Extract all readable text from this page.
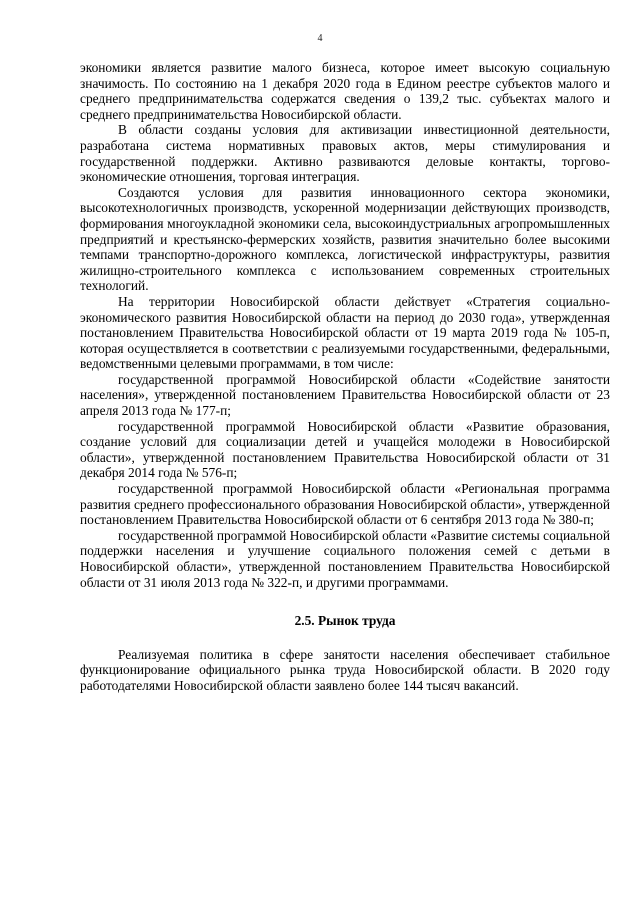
4

экономики является развитие малого бизнеса, которое имеет высокую социальную значимость. По состоянию на 1 декабря 2020 года в Едином реестре субъектов малого и среднего предпринимательства содержатся сведения о 139,2 тыс. субъектах малого и среднего предпринимательства Новосибирской области.

В области созданы условия для активизации инвестиционной деятельности, разработана система нормативных правовых актов, меры стимулирования и государственной поддержки. Активно развиваются деловые контакты, торгово-экономические отношения, торговая интеграция.

Создаются условия для развития инновационного сектора экономики, высокотехнологичных производств, ускоренной модернизации действующих производств, формирования многоукладной экономики села, высокоиндустриальных агропромышленных предприятий и крестьянско-фермерских хозяйств, развития значительно более высокими темпами транспортно-дорожного комплекса, логистической инфраструктуры, развития жилищно-строительного комплекса с использованием современных строительных технологий.

На территории Новосибирской области действует «Стратегия социально-экономического развития Новосибирской области на период до 2030 года», утвержденная постановлением Правительства Новосибирской области от 19 марта 2019 года № 105-п, которая осуществляется в соответствии с реализуемыми государственными, федеральными, ведомственными целевыми программами, в том числе:

государственной программой Новосибирской области «Содействие занятости населения», утвержденной постановлением Правительства Новосибирской области от 23 апреля 2013 года № 177-п;

государственной программой Новосибирской области «Развитие образования, создание условий для социализации детей и учащейся молодежи в Новосибирской области», утвержденной постановлением Правительства Новосибирской области от 31 декабря 2014 года № 576-п;

государственной программой Новосибирской области «Региональная программа развития среднего профессионального образования Новосибирской области», утвержденной постановлением Правительства Новосибирской области от 6 сентября 2013 года № 380-п;

государственной программой Новосибирской области «Развитие системы социальной поддержки населения и улучшение социального положения семей с детьми в Новосибирской области», утвержденной постановлением Правительства Новосибирской области от 31 июля 2013 года № 322-п, и другими программами.

2.5. Рынок труда

Реализуемая политика в сфере занятости населения обеспечивает стабильное функционирование официального рынка труда Новосибирской области. В 2020 году работодателями Новосибирской области заявлено более 144 тысяч вакансий.
